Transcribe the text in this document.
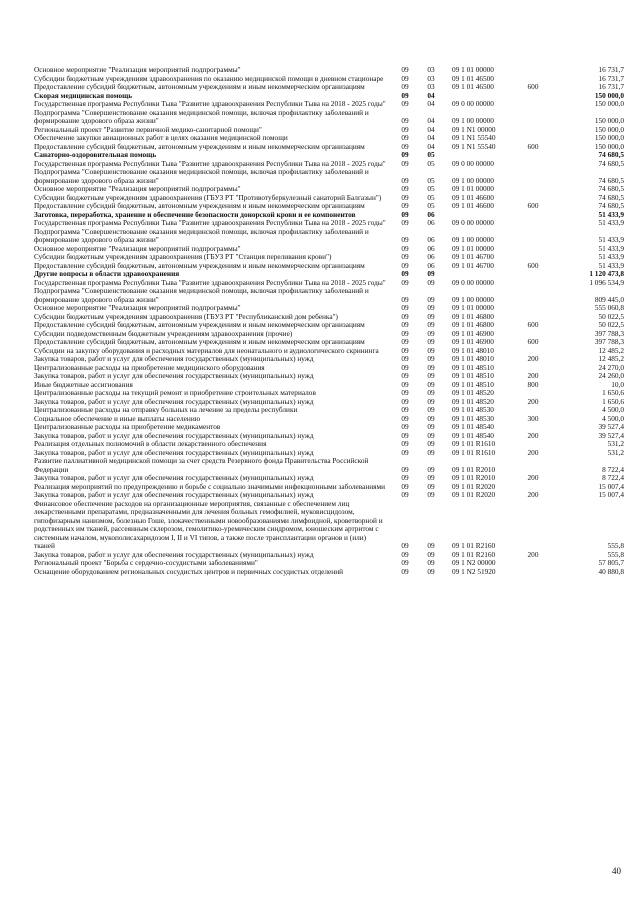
Основное мероприятие "Реализация мероприятий подпрограммы"	09	03	09 1 01 00000		16 731,7
Субсидии бюджетным учреждениям здравоохранения по оказанию медицинской помощи в дневном стационаре	09	03	09 1 01 46500		16 731,7
Предоставление субсидий бюджетным, автономным учреждениям и иным некоммерческим организациям	09	03	09 1 01 46500	600	16 731,7
Скорая медицинская помощь	09	04			150 000,0
Государственная программа Республики Тыва "Развитие здравоохранения Республики Тыва на 2018 - 2025 годы"	09	04	09 0 00 00000		150 000,0
Подпрограмма "Совершенствование оказания медицинской помощи, включая профилактику заболеваний и формирование здорового образа жизни"	09	04	09 1 00 00000		150 000,0
Региональный проект "Развитие первичной медико-санитарной помощи"	09	04	09 1 N1 00000		150 000,0
Обеспечение закупки авиационных работ в целях оказания медицинской помощи	09	04	09 1 N1 55540		150 000,0
Предоставление субсидий бюджетным, автономным учреждениям и иным некоммерческим организациям	09	04	09 1 N1 55540	600	150 000,0
Санаторно-оздоровительная помощь	09	05			74 680,5
Государственная программа Республики Тыва "Развитие здравоохранения Республики Тыва на 2018 - 2025 годы"	09	05	09 0 00 00000		74 680,5
Подпрограмма "Совершенствование оказания медицинской помощи, включая профилактику заболеваний и формирование здорового образа жизни"	09	05	09 1 00 00000		74 680,5
Основное мероприятие "Реализация мероприятий подпрограммы"	09	05	09 1 01 00000		74 680,5
Субсидии бюджетным учреждениям здравоохранения (ГБУЗ РТ "Противотуберкулезный санаторий Балгазын")	09	05	09 1 01 46600		74 680,5
Предоставление субсидий бюджетным, автономным учреждениям и иным некоммерческим организациям	09	05	09 1 01 46600	600	74 680,5
Заготовка, переработка, хранение и обеспечение безопасности донорской крови и ее компонентов	09	06			51 433,9
Государственная программа Республики Тыва "Развитие здравоохранения Республики Тыва на 2018 - 2025 годы"	09	06	09 0 00 00000		51 433,9
Подпрограмма "Совершенствование оказания медицинской помощи, включая профилактику заболеваний и формирование здорового образа жизни"	09	06	09 1 00 00000		51 433,9
Основное мероприятие "Реализация мероприятий подпрограммы"	09	06	09 1 01 00000		51 433,9
Субсидии бюджетным учреждениям здравоохранения (ГБУЗ РТ "Станция переливания крови")	09	06	09 1 01 46700		51 433,9
Предоставление субсидий бюджетным, автономным учреждениям и иным некоммерческим организациям	09	06	09 1 01 46700	600	51 433,9
Другие вопросы в области здравоохранения	09	09			1 120 473,8
Государственная программа Республики Тыва "Развитие здравоохранения Республики Тыва на 2018 - 2025 годы"	09	09	09 0 00 00000		1 096 534,9
Подпрограмма "Совершенствование оказания медицинской помощи, включая профилактику заболеваний и формирование здорового образа жизни"	09	09	09 1 00 00000		809 445,0
Основное мероприятие "Реализация мероприятий подпрограммы"	09	09	09 1 01 00000		555 060,8
Субсидии бюджетным учреждениям здравоохранения (ГБУЗ РТ "Республиканский дом ребенка")	09	09	09 1 01 46800		50 022,5
Предоставление субсидий бюджетным, автономным учреждениям и иным некоммерческим организациям	09	09	09 1 01 46800	600	50 022,5
Субсидии подведомственным бюджетным учреждениям здравоохранения (прочие)	09	09	09 1 01 46900		397 788,3
Предоставление субсидий бюджетным, автономным учреждениям и иным некоммерческим организациям	09	09	09 1 01 46900	600	397 788,3
Субсидии на закупку оборудования и расходных материалов для неонатального и аудиологического скрининга	09	09	09 1 01 48010		12 485,2
Закупка товаров, работ и услуг для обеспечения государственных (муниципальных) нужд	09	09	09 1 01 48010	200	12 485,2
Централизованные расходы на приобретение медицинского оборудования	09	09	09 1 01 48510		24 270,0
Закупка товаров, работ и услуг для обеспечения государственных (муниципальных) нужд	09	09	09 1 01 48510	200	24 260,0
Иные бюджетные ассигнования	09	09	09 1 01 48510	800	10,0
Централизованные расходы на текущий ремонт и приобретение строительных материалов	09	09	09 1 01 48520		1 650,6
Закупка товаров, работ и услуг для обеспечения государственных (муниципальных) нужд	09	09	09 1 01 48520	200	1 650,6
Централизованные расходы на отправку больных на лечение за пределы республики	09	09	09 1 01 48530		4 500,0
Социальное обеспечение и иные выплаты населению	09	09	09 1 01 48530	300	4 500,0
Централизованные расходы на приобретение медикаментов	09	09	09 1 01 48540		39 527,4
Закупка товаров, работ и услуг для обеспечения государственных (муниципальных) нужд	09	09	09 1 01 48540	200	39 527,4
Реализация отдельных полномочий в области лекарственного обеспечения	09	09	09 1 01 R1610		531,2
Закупка товаров, работ и услуг для обеспечения государственных (муниципальных) нужд	09	09	09 1 01 R1610	200	531,2
Развитие паллиативной медицинской помощи за счет средств Резервного фонда Правительства Российской Федерации	09	09	09 1 01 R2010		8 722,4
Закупка товаров, работ и услуг для обеспечения государственных (муниципальных) нужд	09	09	09 1 01 R2010	200	8 722,4
Реализация мероприятий по предупреждению и борьбе с социально значимыми инфекционными заболеваниями	09	09	09 1 01 R2020		15 007,4
Закупка товаров, работ и услуг для обеспечения государственных (муниципальных) нужд	09	09	09 1 01 R2020	200	15 007,4
Финансовое обеспечение расходов на организационные мероприятия, связанные с обеспечением лиц лекарственными препаратами, предназначенными для лечения больных гемофилией, муковисцидозом, гипофизарным нанизмом, болезнью Гоше, злокачественными новообразованиями лимфоидной, кроветворной и родственных им тканей, рассеянным склерозом, гемолитико-уремическим синдромом, юношеским артритом с системным началом, мукополисахаридозом I, II и VI типов, а также после трансплантации органов и (или) тканей	09	09	09 1 01 R2160		555,8
Закупка товаров, работ и услуг для обеспечения государственных (муниципальных) нужд	09	09	09 1 01 R2160	200	555,8
Региональный проект "Борьба с сердечно-сосудистыми заболеваниями"	09	09	09 1 N2 00000		57 805,7
Оснащение оборудованием региональных сосудистых центров и первичных сосудистых отделений	09	09	09 1 N2 51920		40 880,8
40
